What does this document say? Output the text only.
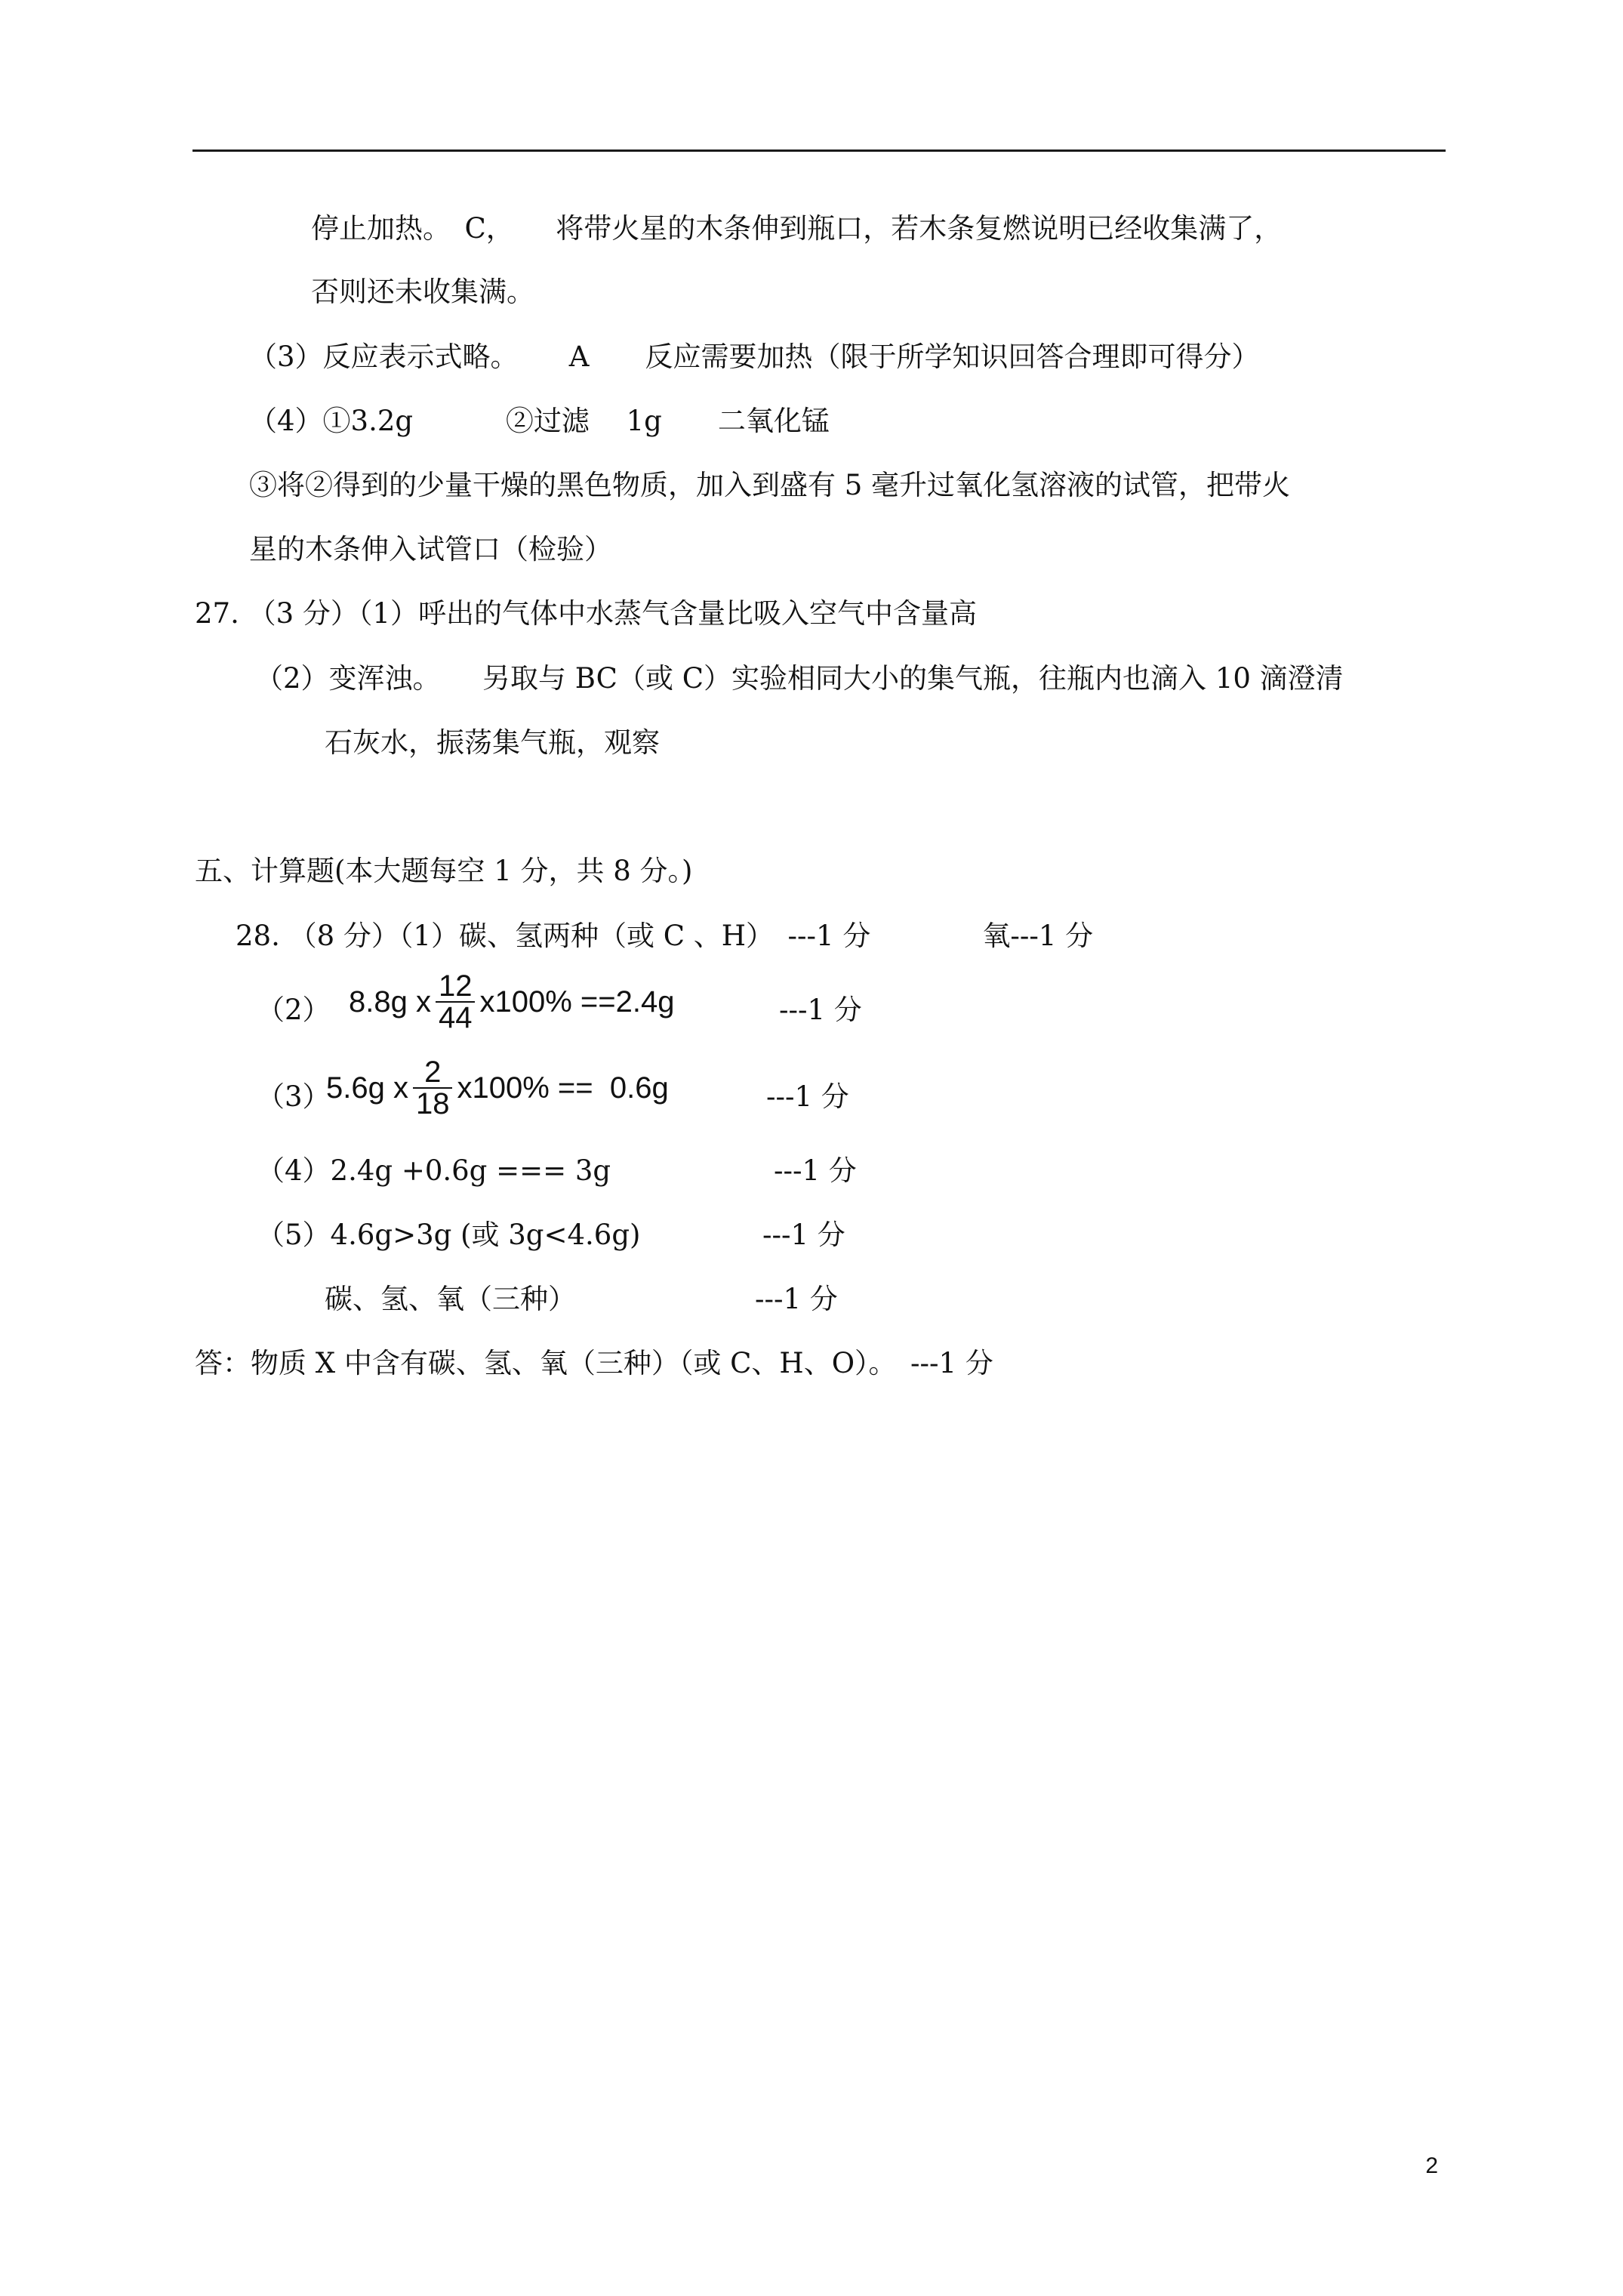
停止加热。　C，　　将带火星的木条伸到瓶口，若木条复燃说明已经收集满了，
否则还未收集满。
（3）反应表示式略。　　 A　　反应需要加热（限于所学知识回答合理即可得分）
（4）①3.2g　　　 ②过滤　 1g　　二氧化锰
③将②得到的少量干燥的黑色物质，加入到盛有 5 毫升过氧化氢溶液的试管，把带火
星的木条伸入试管口（检验）
27. （3 分）（1）呼出的气体中水蒸气含量比吸入空气中含量高
（2）变浑浊。　　另取与 BC（或 C）实验相同大小的集气瓶，往瓶内也滴入 10 滴澄清
石灰水，振荡集气瓶，观察
五、计算题(本大题每空 1 分，共 8 分。)
28. （8 分）（1）碳、氢两种（或 C 、H）　---1 分　　　　氧---1 分
（2） 8.8g x $\frac{12}{44} x100\% ==2.4g$	---1 分
（3）
5.6g x $\frac{2}{18} x100\% == 0.6g$	---1 分
（4）2.4g +0.6g === 3g	---1 分
（5）4.6g>3g (或 3g<4.6g)	---1 分
碳、氢、氧（三种）	---1 分
答：物质 X 中含有碳、氢、氧（三种）（或 C、H、O）。　---1 分
2
